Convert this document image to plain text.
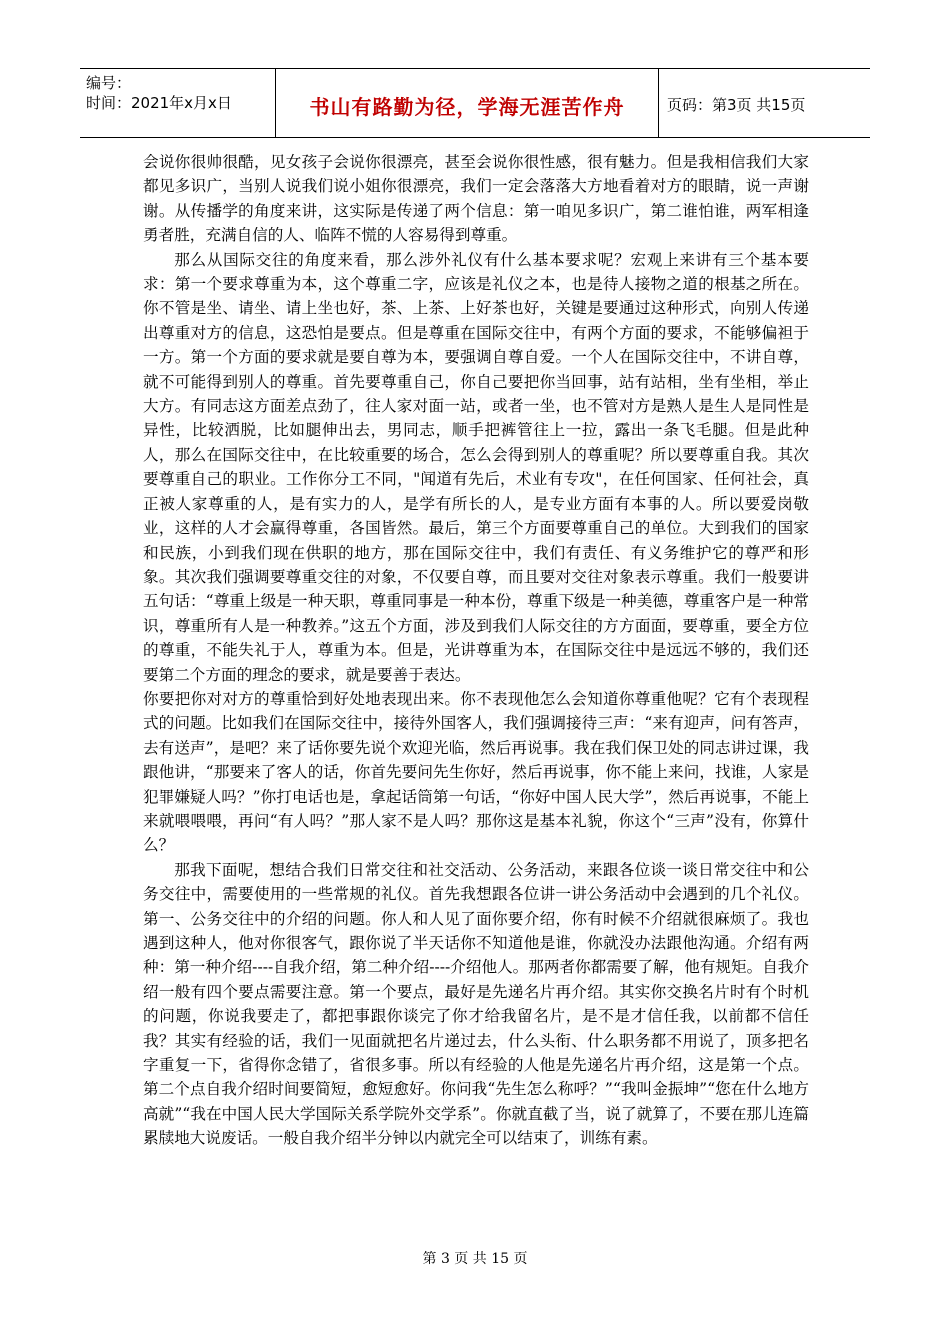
编号：
时间：2021年x月x日	书山有路勤为径，学海无涯苦作舟	页码：第3页 共15页

会说你很帅很酷，见女孩子会说你很漂亮，甚至会说你很性感，很有魅力。但是我相信我们大家都见多识广，当别人说我们说小姐你很漂亮，我们一定会落落大方地看着对方的眼睛，说一声谢谢。从传播学的角度来讲，这实际是传递了两个信息：第一咱见多识广，第二谁怕谁，两军相逢勇者胜，充满自信的人、临阵不慌的人容易得到尊重。

那么从国际交往的角度来看，那么涉外礼仪有什么基本要求呢？宏观上来讲有三个基本要求：第一个要求尊重为本，这个尊重二字，应该是礼仪之本，也是待人接物之道的根基之所在。你不管是坐、请坐、请上坐也好，茶、上茶、上好茶也好，关键是要通过这种形式，向别人传递出尊重对方的信息，这恐怕是要点。但是尊重在国际交往中，有两个方面的要求，不能够偏袒于一方。第一个方面的要求就是要自尊为本，要强调自尊自爱。一个人在国际交往中，不讲自尊，就不可能得到别人的尊重。首先要尊重自己，你自己要把你当回事，站有站相，坐有坐相，举止大方。有同志这方面差点劲了，往人家对面一站，或者一坐，也不管对方是熟人是生人是同性是异性，比较洒脱，比如腿伸出去，男同志，顺手把裤管往上一拉，露出一条飞毛腿。但是此种人，那么在国际交往中，在比较重要的场合，怎么会得到别人的尊重呢？所以要尊重自我。其次要尊重自己的职业。工作你分工不同，"闻道有先后，术业有专攻"，在任何国家、任何社会，真正被人家尊重的人，是有实力的人，是学有所长的人，是专业方面有本事的人。所以要爱岗敬业，这样的人才会赢得尊重，各国皆然。最后，第三个方面要尊重自己的单位。大到我们的国家和民族，小到我们现在供职的地方，那在国际交往中，我们有责任、有义务维护它的尊严和形象。其次我们强调要尊重交往的对象，不仅要自尊，而且要对交往对象表示尊重。我们一般要讲五句话：“尊重上级是一种天职，尊重同事是一种本份，尊重下级是一种美德，尊重客户是一种常识，尊重所有人是一种教养。”这五个方面，涉及到我们人际交往的方方面面，要尊重，要全方位的尊重，不能失礼于人，尊重为本。但是，光讲尊重为本，在国际交往中是远远不够的，我们还要第二个方面的理念的要求，就是要善于表达。

你要把你对对方的尊重恰到好处地表现出来。你不表现他怎么会知道你尊重他呢？它有个表现程式的问题。比如我们在国际交往中，接待外国客人，我们强调接待三声：“来有迎声，问有答声，去有送声”，是吧？来了话你要先说个欢迎光临，然后再说事。我在我们保卫处的同志讲过课，我跟他讲，“那要来了客人的话，你首先要问先生你好，然后再说事，你不能上来问，找谁，人家是犯罪嫌疑人吗？”你打电话也是，拿起话筒第一句话，“你好中国人民大学”，然后再说事，不能上来就喂喂喂，再问“有人吗？”那人家不是人吗？那你这是基本礼貌，你这个“三声”没有，你算什么？

那我下面呢，想结合我们日常交往和社交活动、公务活动，来跟各位谈一谈日常交往中和公务交往中，需要使用的一些常规的礼仪。首先我想跟各位讲一讲公务活动中会遇到的几个礼仪。第一、公务交往中的介绍的问题。你人和人见了面你要介绍，你有时候不介绍就很麻烦了。我也遇到这种人，他对你很客气，跟你说了半天话你不知道他是谁，你就没办法跟他沟通。介绍有两种：第一种介绍----自我介绍，第二种介绍----介绍他人。那两者你都需要了解，他有规矩。自我介绍一般有四个要点需要注意。第一个要点，最好是先递名片再介绍。其实你交换名片时有个时机的问题，你说我要走了，都把事跟你谈完了你才给我留名片，是不是才信任我，以前都不信任我？其实有经验的话，我们一见面就把名片递过去，什么头衔、什么职务都不用说了，顶多把名字重复一下，省得你念错了，省很多事。所以有经验的人他是先递名片再介绍，这是第一个点。第二个点自我介绍时间要简短，愈短愈好。你问我“先生怎么称呼？”“我叫金振坤”“您在什么地方高就”“我在中国人民大学国际关系学院外交学系”。你就直截了当，说了就算了，不要在那儿连篇累牍地大说废话。一般自我介绍半分钟以内就完全可以结束了，训练有素。

第 3 页 共 15 页
